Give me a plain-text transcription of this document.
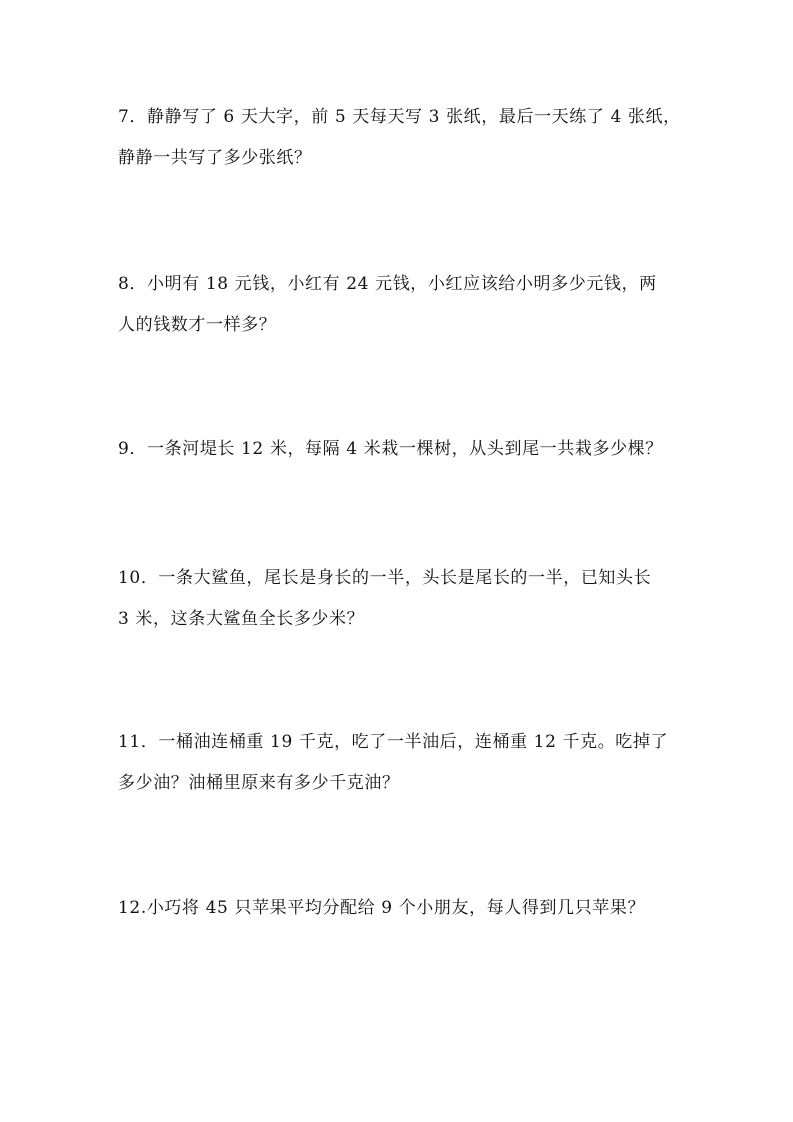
7．静静写了 6 天大字，前 5 天每天写 3 张纸，最后一天练了 4 张纸，
静静一共写了多少张纸？

8．小明有 18 元钱，小红有 24 元钱，小红应该给小明多少元钱，两
人的钱数才一样多？

9．一条河堤长 12 米，每隔 4 米栽一棵树，从头到尾一共栽多少棵？

10．一条大鲨鱼，尾长是身长的一半，头长是尾长的一半，已知头长
3 米，这条大鲨鱼全长多少米？

11．一桶油连桶重 19 千克，吃了一半油后，连桶重 12 千克。吃掉了
多少油？油桶里原来有多少千克油？

12.小巧将 45 只苹果平均分配给 9 个小朋友，每人得到几只苹果？
